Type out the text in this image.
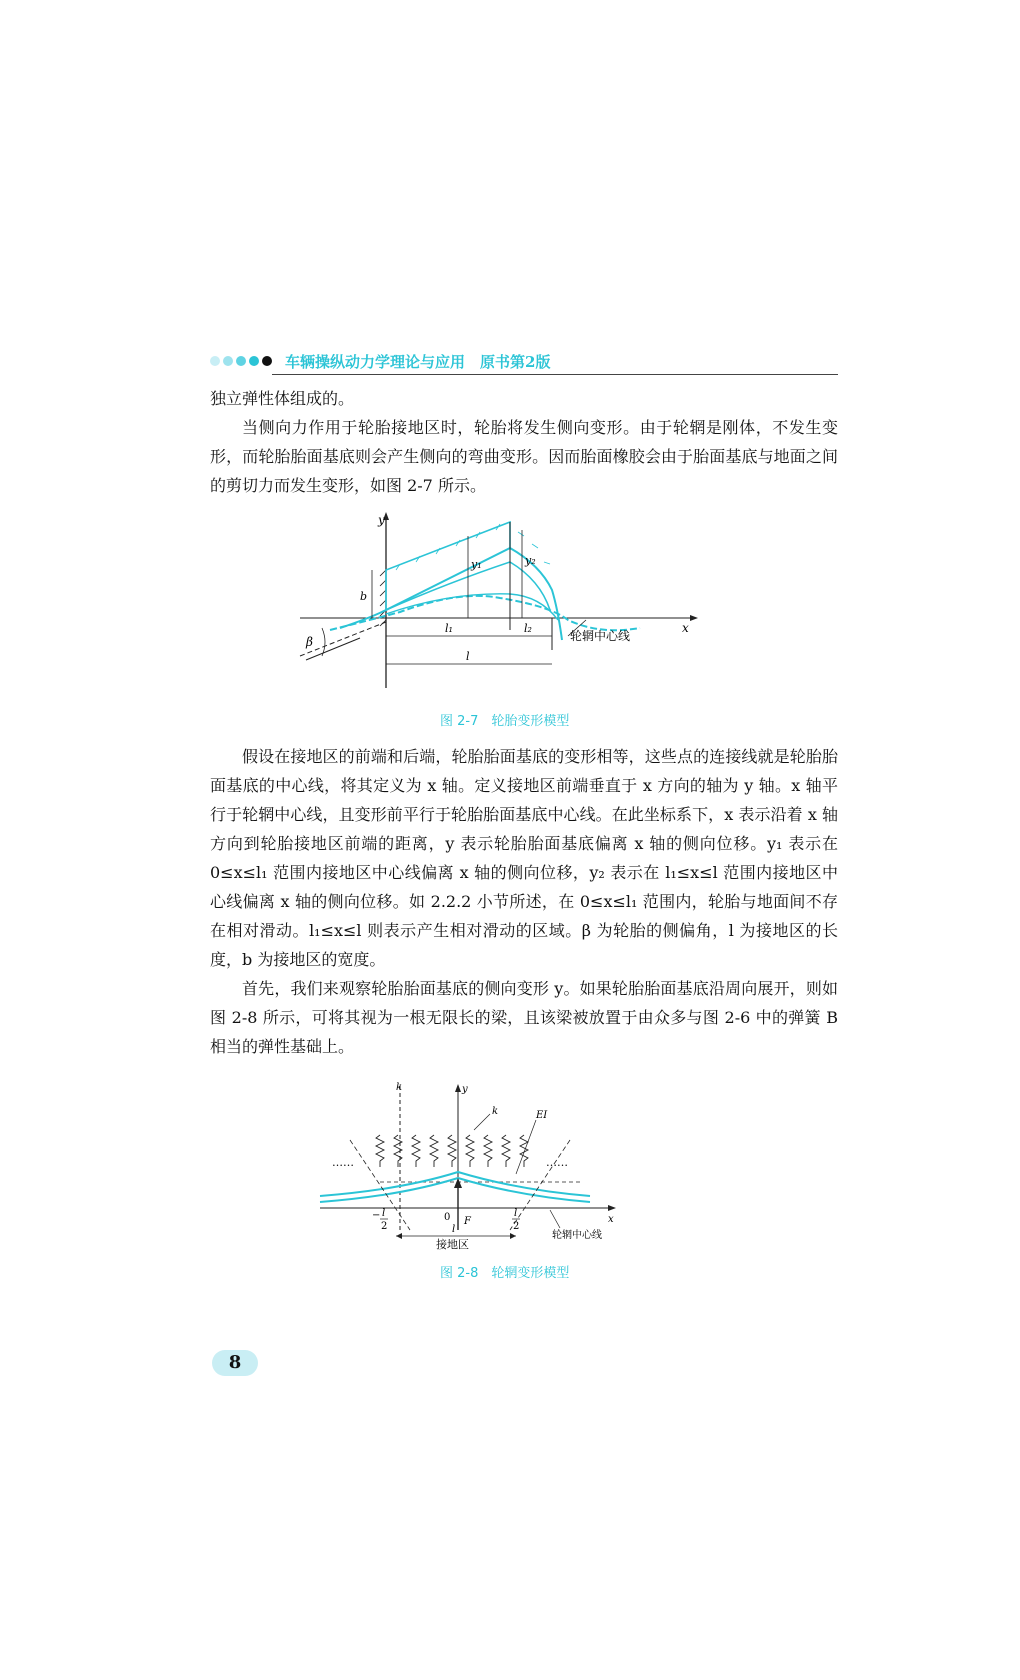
车辆操纵动力学理论与应用　原书第2版

独立弹性体组成的。

当侧向力作用于轮胎接地区时，轮胎将发生侧向变形。由于轮辋是刚体，不发生变形，而轮胎胎面基底则会产生侧向的弯曲变形。因而胎面橡胶会由于胎面基底与地面之间的剪切力而发生变形，如图 2-7 所示。

y
x
b
y₁	y₂
β
l₁	l₂
l
轮辋中心线
图 2-7　轮胎变形模型

假设在接地区的前端和后端，轮胎胎面基底的变形相等，这些点的连接线就是轮胎胎面基底的中心线，将其定义为 x 轴。定义接地区前端垂直于 x 方向的轴为 y 轴。x 轴平行于轮辋中心线，且变形前平行于轮胎胎面基底中心线。在此坐标系下，x 表示沿着 x 轴方向到轮胎接地区前端的距离，y 表示轮胎胎面基底偏离 x 轴的侧向位移。y₁ 表示在 0≤x≤l₁ 范围内接地区中心线偏离 x 轴的侧向位移，y₂ 表示在 l₁≤x≤l 范围内接地区中心线偏离 x 轴的侧向位移。如 2.2.2 小节所述，在 0≤x≤l₁ 范围内，轮胎与地面间不存在相对滑动。l₁≤x≤l 则表示产生相对滑动的区域。β 为轮胎的侧偏角，l 为接地区的长度，b 为接地区的宽度。

首先，我们来观察轮胎胎面基底的侧向变形 y。如果轮胎胎面基底沿周向展开，则如图 2-8 所示，可将其视为一根无限长的梁，且该梁被放置于由众多与图 2-6 中的弹簧 B 相当的弹性基础上。

k	y
……	……
k	EI
x
− l
2
0 F
l
2
轮辋中心线
l
接地区
图 2-8　轮辋变形模型
8
